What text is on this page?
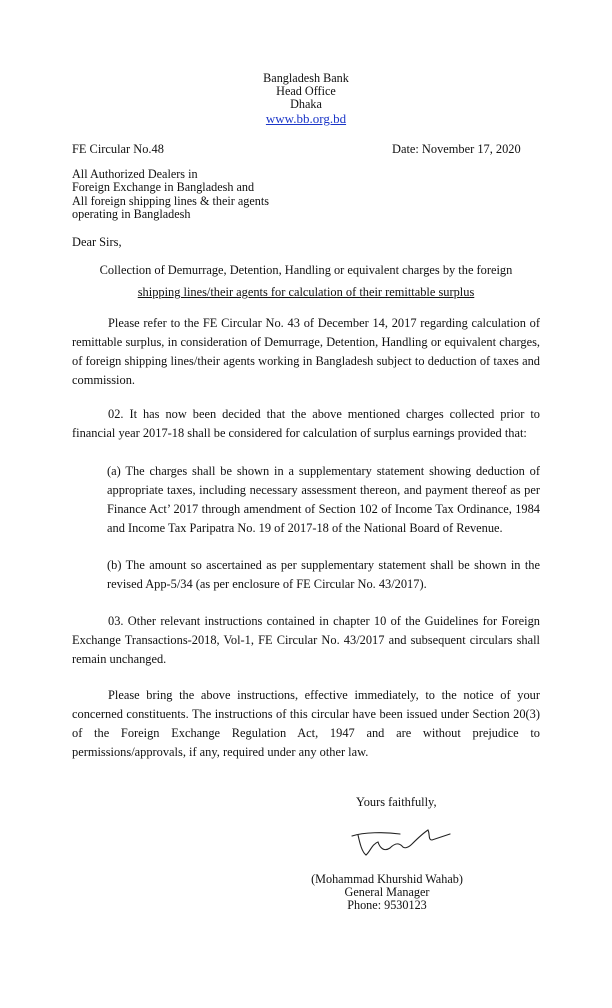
Bangladesh Bank
Head Office
Dhaka
www.bb.org.bd
FE Circular No.48	Date: November 17, 2020
All Authorized Dealers in
Foreign Exchange in Bangladesh and
All foreign shipping lines & their agents
operating in Bangladesh
Dear Sirs,
Collection of Demurrage, Detention, Handling or equivalent charges by the foreign
shipping lines/their agents for calculation of their remittable surplus
Please refer to the FE Circular No. 43 of December 14, 2017 regarding calculation of remittable surplus, in consideration of Demurrage, Detention, Handling or equivalent charges, of foreign shipping lines/their agents working in Bangladesh subject to deduction of taxes and commission.
02. It has now been decided that the above mentioned charges collected prior to financial year 2017-18 shall be considered for calculation of surplus earnings provided that:
(a) The charges shall be shown in a supplementary statement showing deduction of appropriate taxes, including necessary assessment thereon, and payment thereof as per Finance Act’ 2017 through amendment of Section 102 of Income Tax Ordinance, 1984 and Income Tax Paripatra No. 19 of 2017-18 of the National Board of Revenue.
(b) The amount so ascertained as per supplementary statement shall be shown in the revised App-5/34 (as per enclosure of FE Circular No. 43/2017).
03. Other relevant instructions contained in chapter 10 of the Guidelines for Foreign Exchange Transactions-2018, Vol-1, FE Circular No. 43/2017 and subsequent circulars shall remain unchanged.
Please bring the above instructions, effective immediately, to the notice of your concerned constituents. The instructions of this circular have been issued under Section 20(3) of the Foreign Exchange Regulation Act, 1947 and are without prejudice to permissions/approvals, if any, required under any other law.
Yours faithfully,
(Mohammad Khurshid Wahab)
General Manager
Phone: 9530123
